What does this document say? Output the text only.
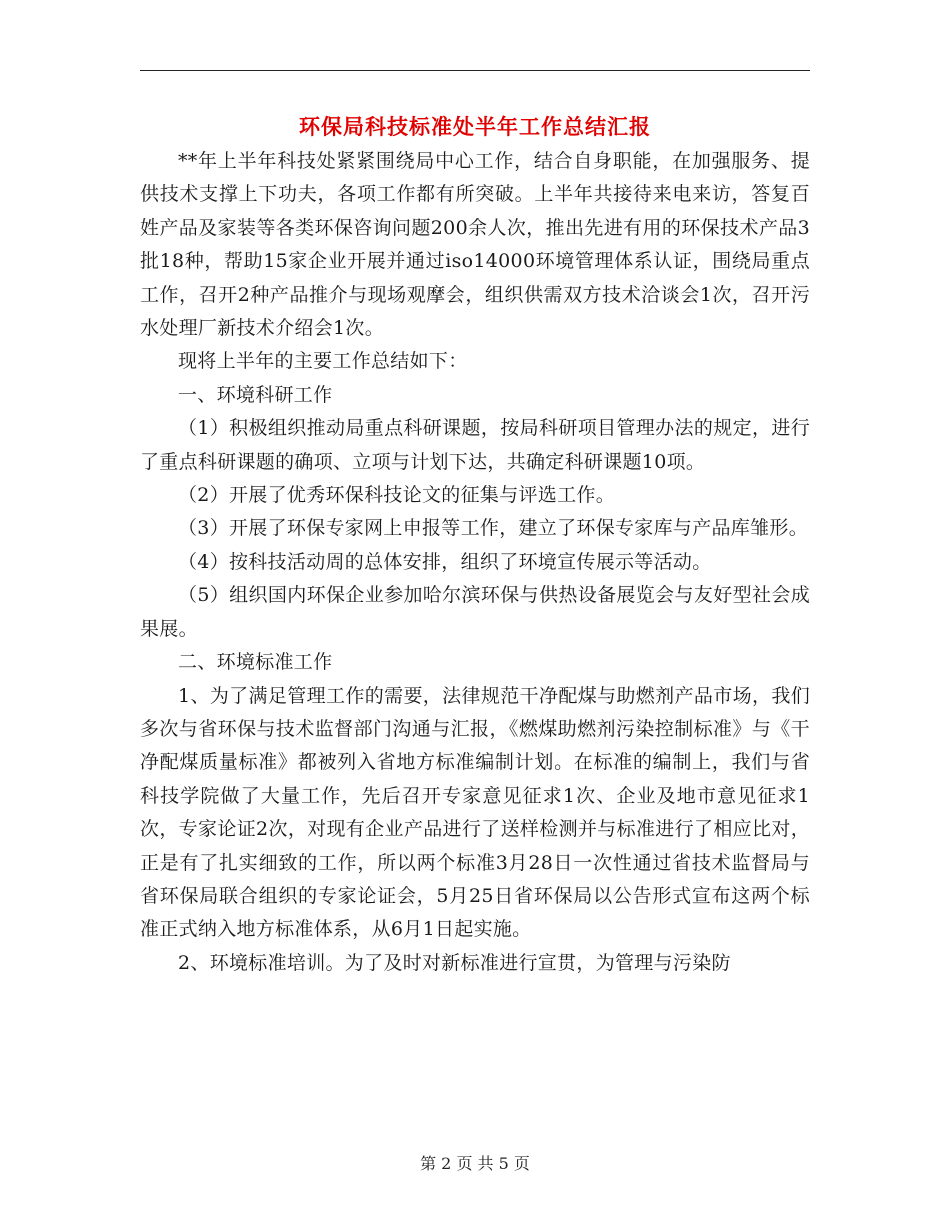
环保局科技标准处半年工作总结汇报

**年上半年科技处紧紧围绕局中心工作，结合自身职能，在加强服务、提供技术支撑上下功夫，各项工作都有所突破。上半年共接待来电来访，答复百姓产品及家装等各类环保咨询问题200余人次，推出先进有用的环保技术产品3批18种，帮助15家企业开展并通过iso14000环境管理体系认证，围绕局重点工作，召开2种产品推介与现场观摩会，组织供需双方技术洽谈会1次，召开污水处理厂新技术介绍会1次。

现将上半年的主要工作总结如下：

一、环境科研工作

（1）积极组织推动局重点科研课题，按局科研项目管理办法的规定，进行了重点科研课题的确项、立项与计划下达，共确定科研课题10项。

（2）开展了优秀环保科技论文的征集与评选工作。

（3）开展了环保专家网上申报等工作，建立了环保专家库与产品库雏形。

（4）按科技活动周的总体安排，组织了环境宣传展示等活动。

（5）组织国内环保企业参加哈尔滨环保与供热设备展览会与友好型社会成果展。

二、环境标准工作

1、为了满足管理工作的需要，法律规范干净配煤与助燃剂产品市场，我们多次与省环保与技术监督部门沟通与汇报，《燃煤助燃剂污染控制标准》与《干净配煤质量标准》都被列入省地方标准编制计划。在标准的编制上，我们与省科技学院做了大量工作，先后召开专家意见征求1次、企业及地市意见征求1次，专家论证2次，对现有企业产品进行了送样检测并与标准进行了相应比对，正是有了扎实细致的工作，所以两个标准3月28日一次性通过省技术监督局与省环保局联合组织的专家论证会，5月25日省环保局以公告形式宣布这两个标准正式纳入地方标准体系，从6月1日起实施。

2、环境标准培训。为了及时对新标准进行宣贯，为管理与污染防

第 2 页 共 5 页
